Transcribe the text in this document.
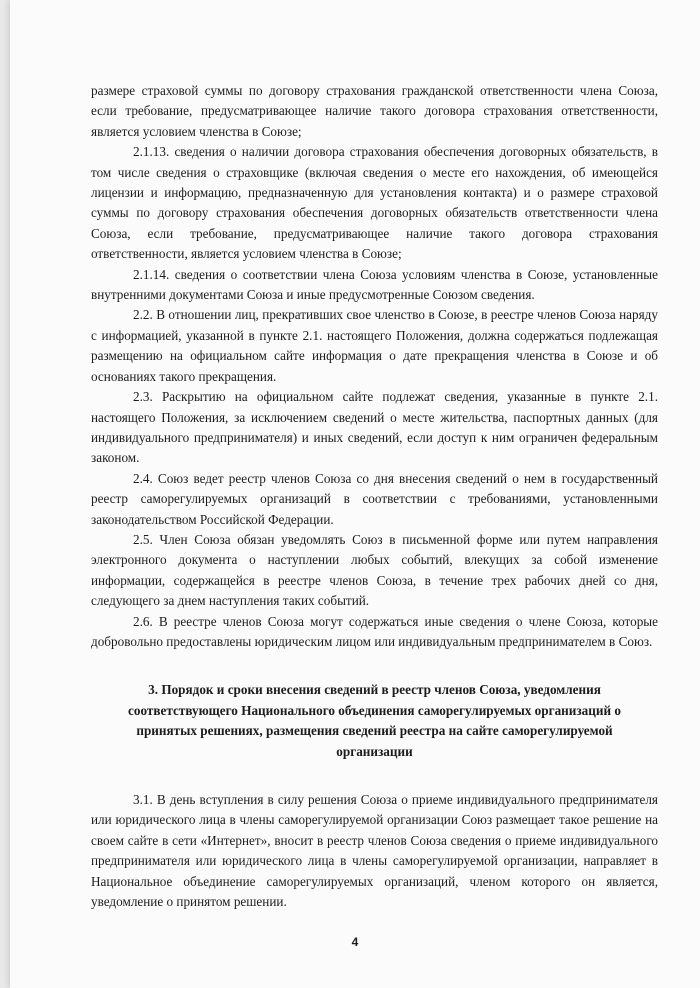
размере страховой суммы по договору страхования гражданской ответственности члена Союза, если требование, предусматривающее наличие такого договора страхования ответственности, является условием членства в Союзе;

2.1.13. сведения о наличии договора страхования обеспечения договорных обязательств, в том числе сведения о страховщике (включая сведения о месте его нахождения, об имеющейся лицензии и информацию, предназначенную для установления контакта) и о размере страховой суммы по договору страхования обеспечения договорных обязательств ответственности члена Союза, если требование, предусматривающее наличие такого договора страхования ответственности, является условием членства в Союзе;

2.1.14. сведения о соответствии члена Союза условиям членства в Союзе, установленные внутренними документами Союза и иные предусмотренные Союзом сведения.

2.2. В отношении лиц, прекративших свое членство в Союзе, в реестре членов Союза наряду с информацией, указанной в пункте 2.1. настоящего Положения, должна содержаться подлежащая размещению на официальном сайте информация о дате прекращения членства в Союзе и об основаниях такого прекращения.

2.3. Раскрытию на официальном сайте подлежат сведения, указанные в пункте 2.1. настоящего Положения, за исключением сведений о месте жительства, паспортных данных (для индивидуального предпринимателя) и иных сведений, если доступ к ним ограничен федеральным законом.

2.4. Союз ведет реестр членов Союза со дня внесения сведений о нем в государственный реестр саморегулируемых организаций в соответствии с требованиями, установленными законодательством Российской Федерации.

2.5. Член Союза обязан уведомлять Союз в письменной форме или путем направления электронного документа о наступлении любых событий, влекущих за собой изменение информации, содержащейся в реестре членов Союза, в течение трех рабочих дней со дня, следующего за днем наступления таких событий.

2.6. В реестре членов Союза могут содержаться иные сведения о члене Союза, которые добровольно предоставлены юридическим лицом или индивидуальным предпринимателем в Союз.

3. Порядок и сроки внесения сведений в реестр членов Союза, уведомления соответствующего Национального объединения саморегулируемых организаций о принятых решениях, размещения сведений реестра на сайте саморегулируемой организации

3.1. В день вступления в силу решения Союза о приеме индивидуального предпринимателя или юридического лица в члены саморегулируемой организации Союз размещает такое решение на своем сайте в сети «Интернет», вносит в реестр членов Союза сведения о приеме индивидуального предпринимателя или юридического лица в члены саморегулируемой организации, направляет в Национальное объединение саморегулируемых организаций, членом которого он является, уведомление о принятом решении.

4
